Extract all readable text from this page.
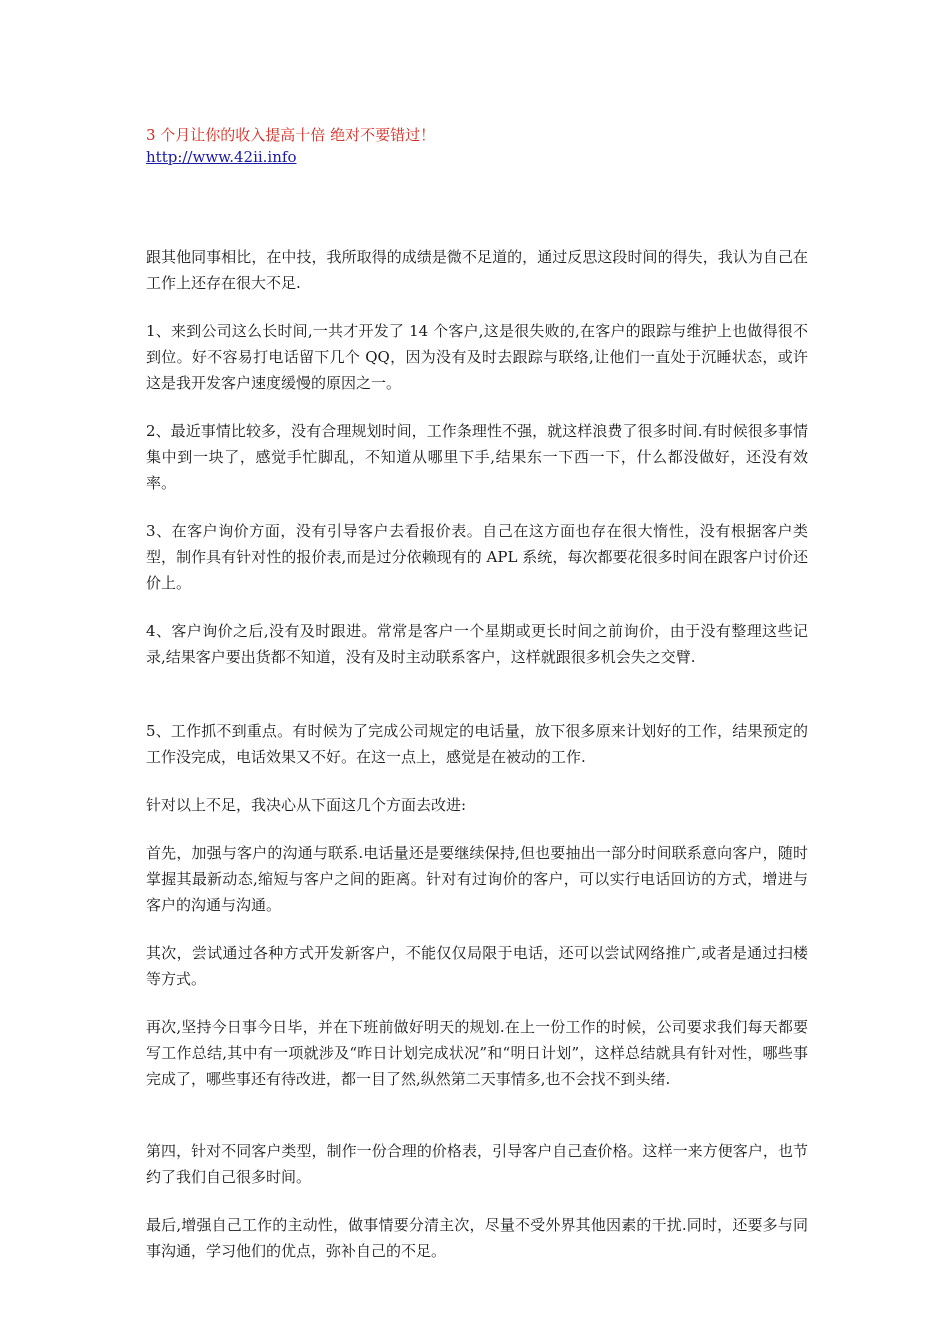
3 个月让你的收入提高十倍 绝对不要错过！

http://www.42ii.info

跟其他同事相比，在中技，我所取得的成绩是微不足道的，通过反思这段时间的得失，我认为自己在工作上还存在很大不足.

1、来到公司这么长时间,一共才开发了 14 个客户,这是很失败的,在客户的跟踪与维护上也做得很不到位。好不容易打电话留下几个 QQ，因为没有及时去跟踪与联络,让他们一直处于沉睡状态，或许这是我开发客户速度缓慢的原因之一。

2、最近事情比较多，没有合理规划时间，工作条理性不强，就这样浪费了很多时间.有时候很多事情集中到一块了，感觉手忙脚乱，不知道从哪里下手,结果东一下西一下，什么都没做好，还没有效率。

3、在客户询价方面，没有引导客户去看报价表。自己在这方面也存在很大惰性，没有根据客户类型，制作具有针对性的报价表,而是过分依赖现有的 APL 系统，每次都要花很多时间在跟客户讨价还价上。

4、客户询价之后,没有及时跟进。常常是客户一个星期或更长时间之前询价，由于没有整理这些记录,结果客户要出货都不知道，没有及时主动联系客户，这样就跟很多机会失之交臂.

5、工作抓不到重点。有时候为了完成公司规定的电话量，放下很多原来计划好的工作，结果预定的工作没完成，电话效果又不好。在这一点上，感觉是在被动的工作.

针对以上不足，我决心从下面这几个方面去改进:

首先，加强与客户的沟通与联系.电话量还是要继续保持,但也要抽出一部分时间联系意向客户，随时掌握其最新动态,缩短与客户之间的距离。针对有过询价的客户，可以实行电话回访的方式，增进与客户的沟通与沟通。

其次，尝试通过各种方式开发新客户，不能仅仅局限于电话，还可以尝试网络推广,或者是通过扫楼等方式。

再次,坚持今日事今日毕，并在下班前做好明天的规划.在上一份工作的时候，公司要求我们每天都要写工作总结,其中有一项就涉及“昨日计划完成状况”和“明日计划”，这样总结就具有针对性，哪些事完成了，哪些事还有待改进，都一目了然,纵然第二天事情多,也不会找不到头绪.

第四，针对不同客户类型，制作一份合理的价格表，引导客户自己查价格。这样一来方便客户，也节约了我们自己很多时间。

最后,增强自己工作的主动性，做事情要分清主次，尽量不受外界其他因素的干扰.同时，还要多与同事沟通，学习他们的优点，弥补自己的不足。
